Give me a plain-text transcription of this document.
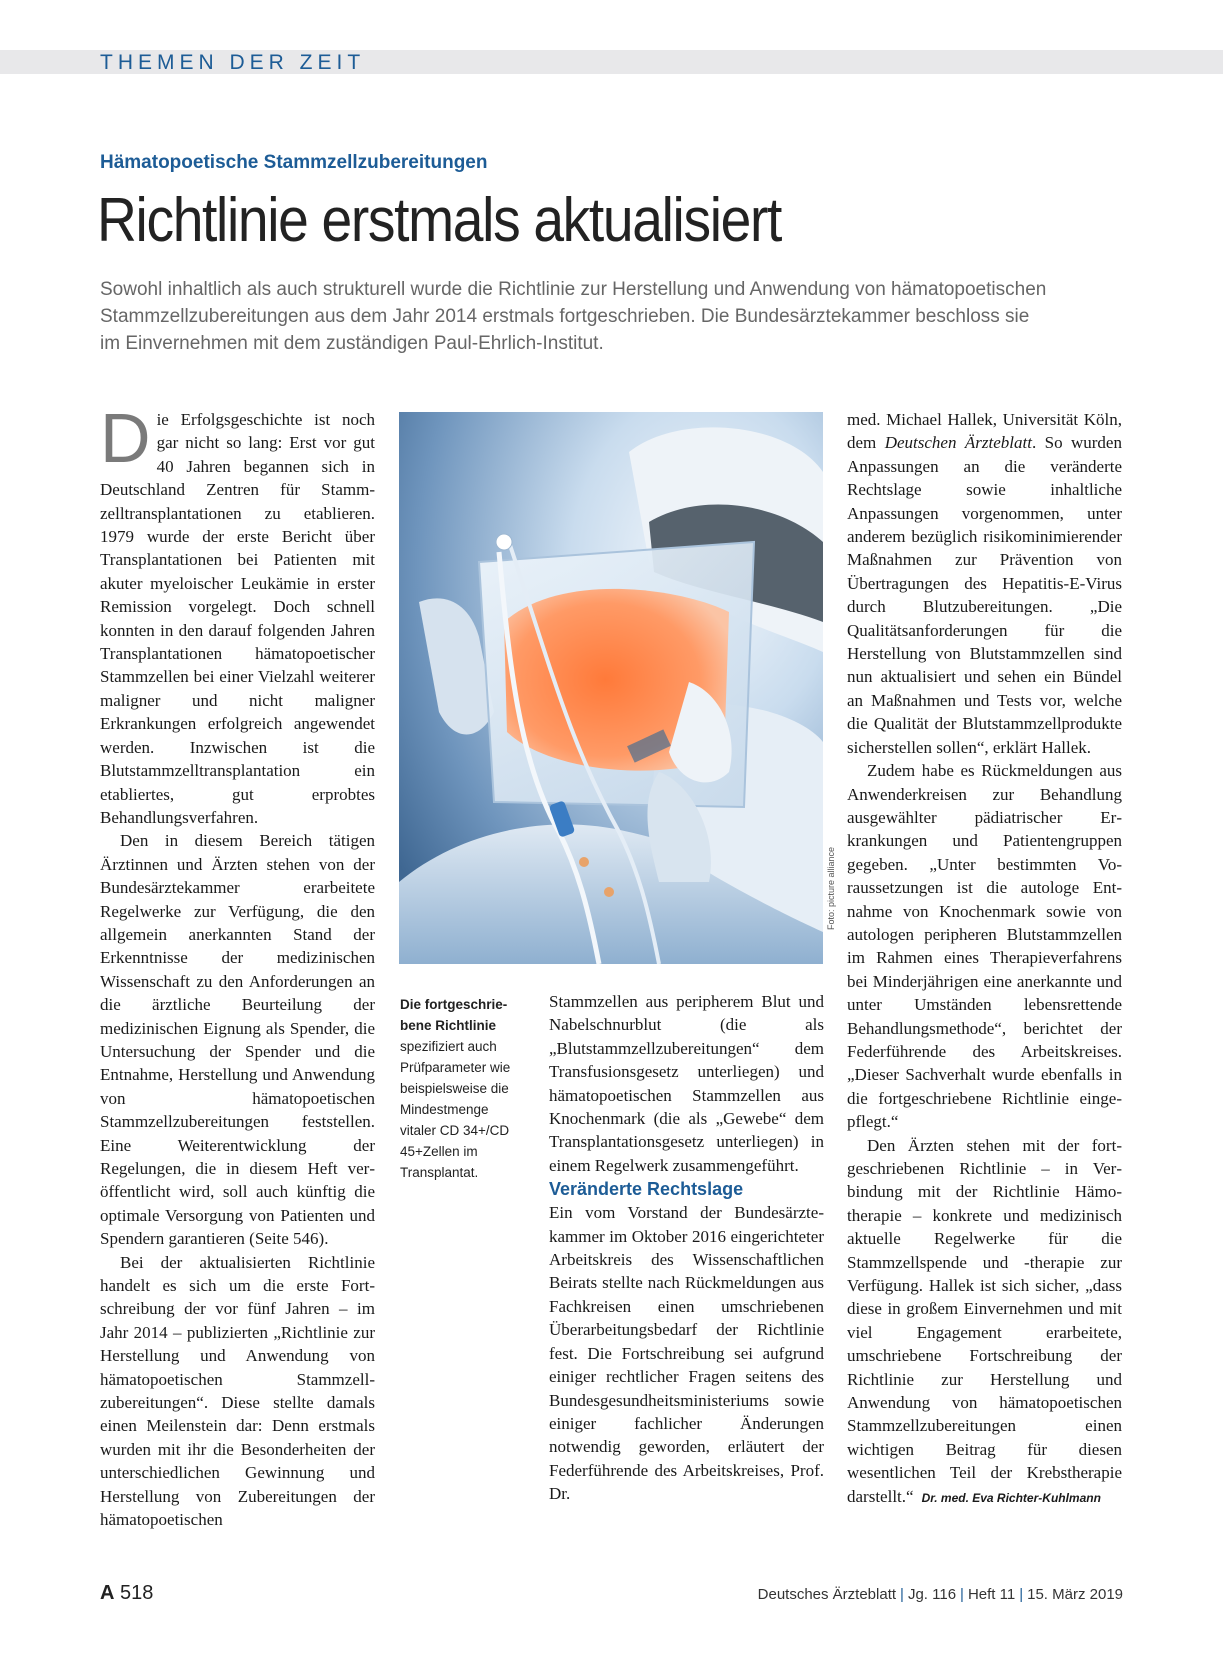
THEMEN DER ZEIT
Hämatopoetische Stammzellzubereitungen
Richtlinie erstmals aktualisiert
Sowohl inhaltlich als auch strukturell wurde die Richtlinie zur Herstellung und Anwendung von hämatopoetischen
Stammzellzubereitungen aus dem Jahr 2014 erstmals fortgeschrieben. Die Bundesärztekammer beschloss sie
im Einvernehmen mit dem zuständigen Paul-Ehrlich-Institut.

Die Erfolgsgeschichte ist noch gar nicht so lang: Erst vor gut 40 Jahren begannen sich in Deutschland Zentren für Stammzelltransplantationen zu etablieren. 1979 wurde der erste Bericht über Transplantationen bei Patienten mit akuter myeloischer Leukämie in erster Remission vorgelegt. Doch schnell konnten in den darauf folgenden Jahren Transplantationen hämatopoetischer Stammzellen bei einer Vielzahl weiterer maligner und nicht maligner Erkrankungen erfolgreich angewendet werden. Inzwischen ist die Blutstammzelltransplantation ein etabliertes, gut erprobtes Behandlungsverfahren.

Den in diesem Bereich tätigen Ärztinnen und Ärzten stehen von der Bundesärztekammer erarbeitete Regelwerke zur Verfügung, die den allgemein anerkannten Stand der Erkenntnisse der medizinischen Wissenschaft zu den Anforderungen an die ärztliche Beurteilung der medizinischen Eignung als Spender, die Untersuchung der Spender und die Entnahme, Herstellung und Anwendung von hämatopoetischen Stammzellzubereitungen feststellen. Eine Weiterentwicklung der Regelungen, die in diesem Heft veröffentlicht wird, soll auch künftig die optimale Versorgung von Patienten und Spendern garantieren (Seite 546).

Bei der aktualisierten Richtlinie handelt es sich um die erste Fortschreibung der vor fünf Jahren – im Jahr 2014 – publizierten „Richtlinie zur Herstellung und Anwendung von hämatopoetischen Stammzellzubereitungen“. Diese stellte damals einen Meilenstein dar: Denn erstmals wurden mit ihr die Besonderheiten der unterschiedlichen Gewinnung und Herstellung von Zubereitungen der hämatopoetischen

Foto: picture alliance
Die fortgeschriebene Richtlinie spezifiziert auch Prüfparameter wie beispielsweise die Mindestmenge vitaler CD 34+/CD 45+Zellen im Transplantat.

Stammzellen aus peripherem Blut und Nabelschnurblut (die als „Blutstammzellzubereitungen“ dem Transfusionsgesetz unterliegen) und hämatopoetischen Stammzellen aus Knochenmark (die als „Gewebe“ dem Transplantationsgesetz unterliegen) in einem Regelwerk zusammengeführt.

Veränderte Rechtslage

Ein vom Vorstand der Bundesärztekammer im Oktober 2016 eingerichteter Arbeitskreis des Wissenschaftlichen Beirats stellte nach Rückmeldungen aus Fachkreisen einen umschriebenen Überarbeitungsbedarf der Richtlinie fest. Die Fortschreibung sei aufgrund einiger rechtlicher Fragen seitens des Bundesgesundheitsministeriums sowie einiger fachlicher Änderungen notwendig geworden, erläutert der Federführende des Arbeitskreises, Prof. Dr.

med. Michael Hallek, Universität Köln, dem Deutschen Ärzteblatt. So wurden Anpassungen an die veränderte Rechtslage sowie inhaltliche Anpassungen vorgenommen, unter anderem bezüglich risikominimierender Maßnahmen zur Prävention von Übertragungen des Hepatitis-E-Virus durch Blutzubereitungen. „Die Qualitätsanforderungen für die Herstellung von Blutstammzellen sind nun aktualisiert und sehen ein Bündel an Maßnahmen und Tests vor, welche die Qualität der Blutstammzellprodukte sicherstellen sollen“, erklärt Hallek.

Zudem habe es Rückmeldungen aus Anwenderkreisen zur Behandlung ausgewählter pädiatrischer Erkrankungen und Patientengruppen gegeben. „Unter bestimmten Voraussetzungen ist die autologe Entnahme von Knochenmark sowie von autologen peripheren Blutstammzellen im Rahmen eines Therapieverfahrens bei Minderjährigen eine anerkannte und unter Umständen lebensrettende Behandlungsmethode“, berichtet der Federführende des Arbeitskreises. „Dieser Sachverhalt wurde ebenfalls in die fortgeschriebene Richtlinie eingepflegt.“

Den Ärzten stehen mit der fortgeschriebenen Richtlinie – in Verbindung mit der Richtlinie Hämotherapie – konkrete und medizinisch aktuelle Regelwerke für die Stammzellspende und -therapie zur Verfügung. Hallek ist sich sicher, „dass diese in großem Einvernehmen und mit viel Engagement erarbeitete, umschriebene Fortschreibung der Richtlinie zur Herstellung und Anwendung von hämatopoetischen Stammzellzubereitungen einen wichtigen Beitrag für diesen wesentlichen Teil der Krebstherapie darstellt.“ Dr. med. Eva Richter-Kuhlmann

A 518	Deutsches Ärzteblatt | Jg. 116 | Heft 11 | 15. März 2019
